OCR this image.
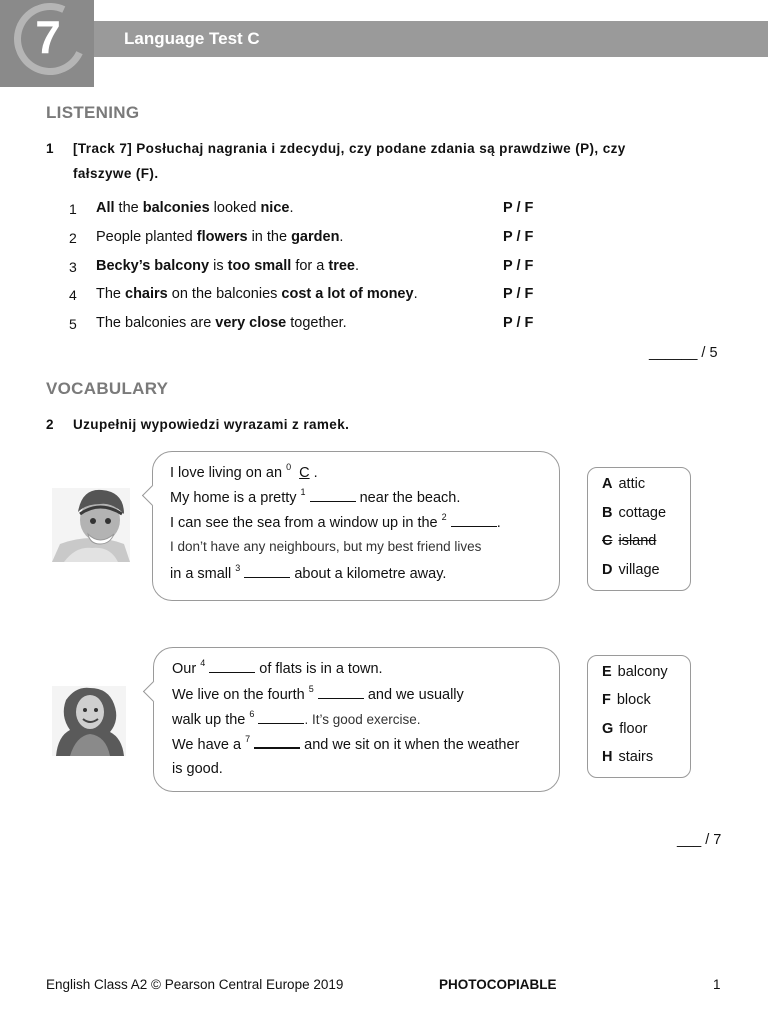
7	Language Test C
LISTENING
1 [Track 7] Posłuchaj nagrania i zdecyduj, czy podane zdania są prawdziwe (P), czy
fałszywe (F).
1 All the balconies looked nice.	P / F
2 People planted flowers in the garden.	P / F
3 Becky’s balcony is too small for a tree.	P / F
4 The chairs on the balconies cost a lot of money.	P / F
5 The balconies are very close together.	P / F
______ / 5
VOCABULARY
2 Uzupełnij wypowiedzi wyrazami z ramek.
I love living on an $^0$ C .
My home is a pretty $^1$	near the beach.
I can see the sea from a window up in the $^2$	.
I don’t have any neighbours, but my best friend lives
in a small $^3$	about a kilometre away.
A attic
B cottage
C island
D village
Our $^4$	of flats is in a town.
We live on the fourth $^5$	and we usually
walk up the $^6$	. It’s good exercise.
We have a $^7$	and we sit on it when the weather
is good.
E balcony
F block
G floor
H stairs
___ / 7
English Class A2 © Pearson Central Europe 2019	PHOTOCOPIABLE	1
